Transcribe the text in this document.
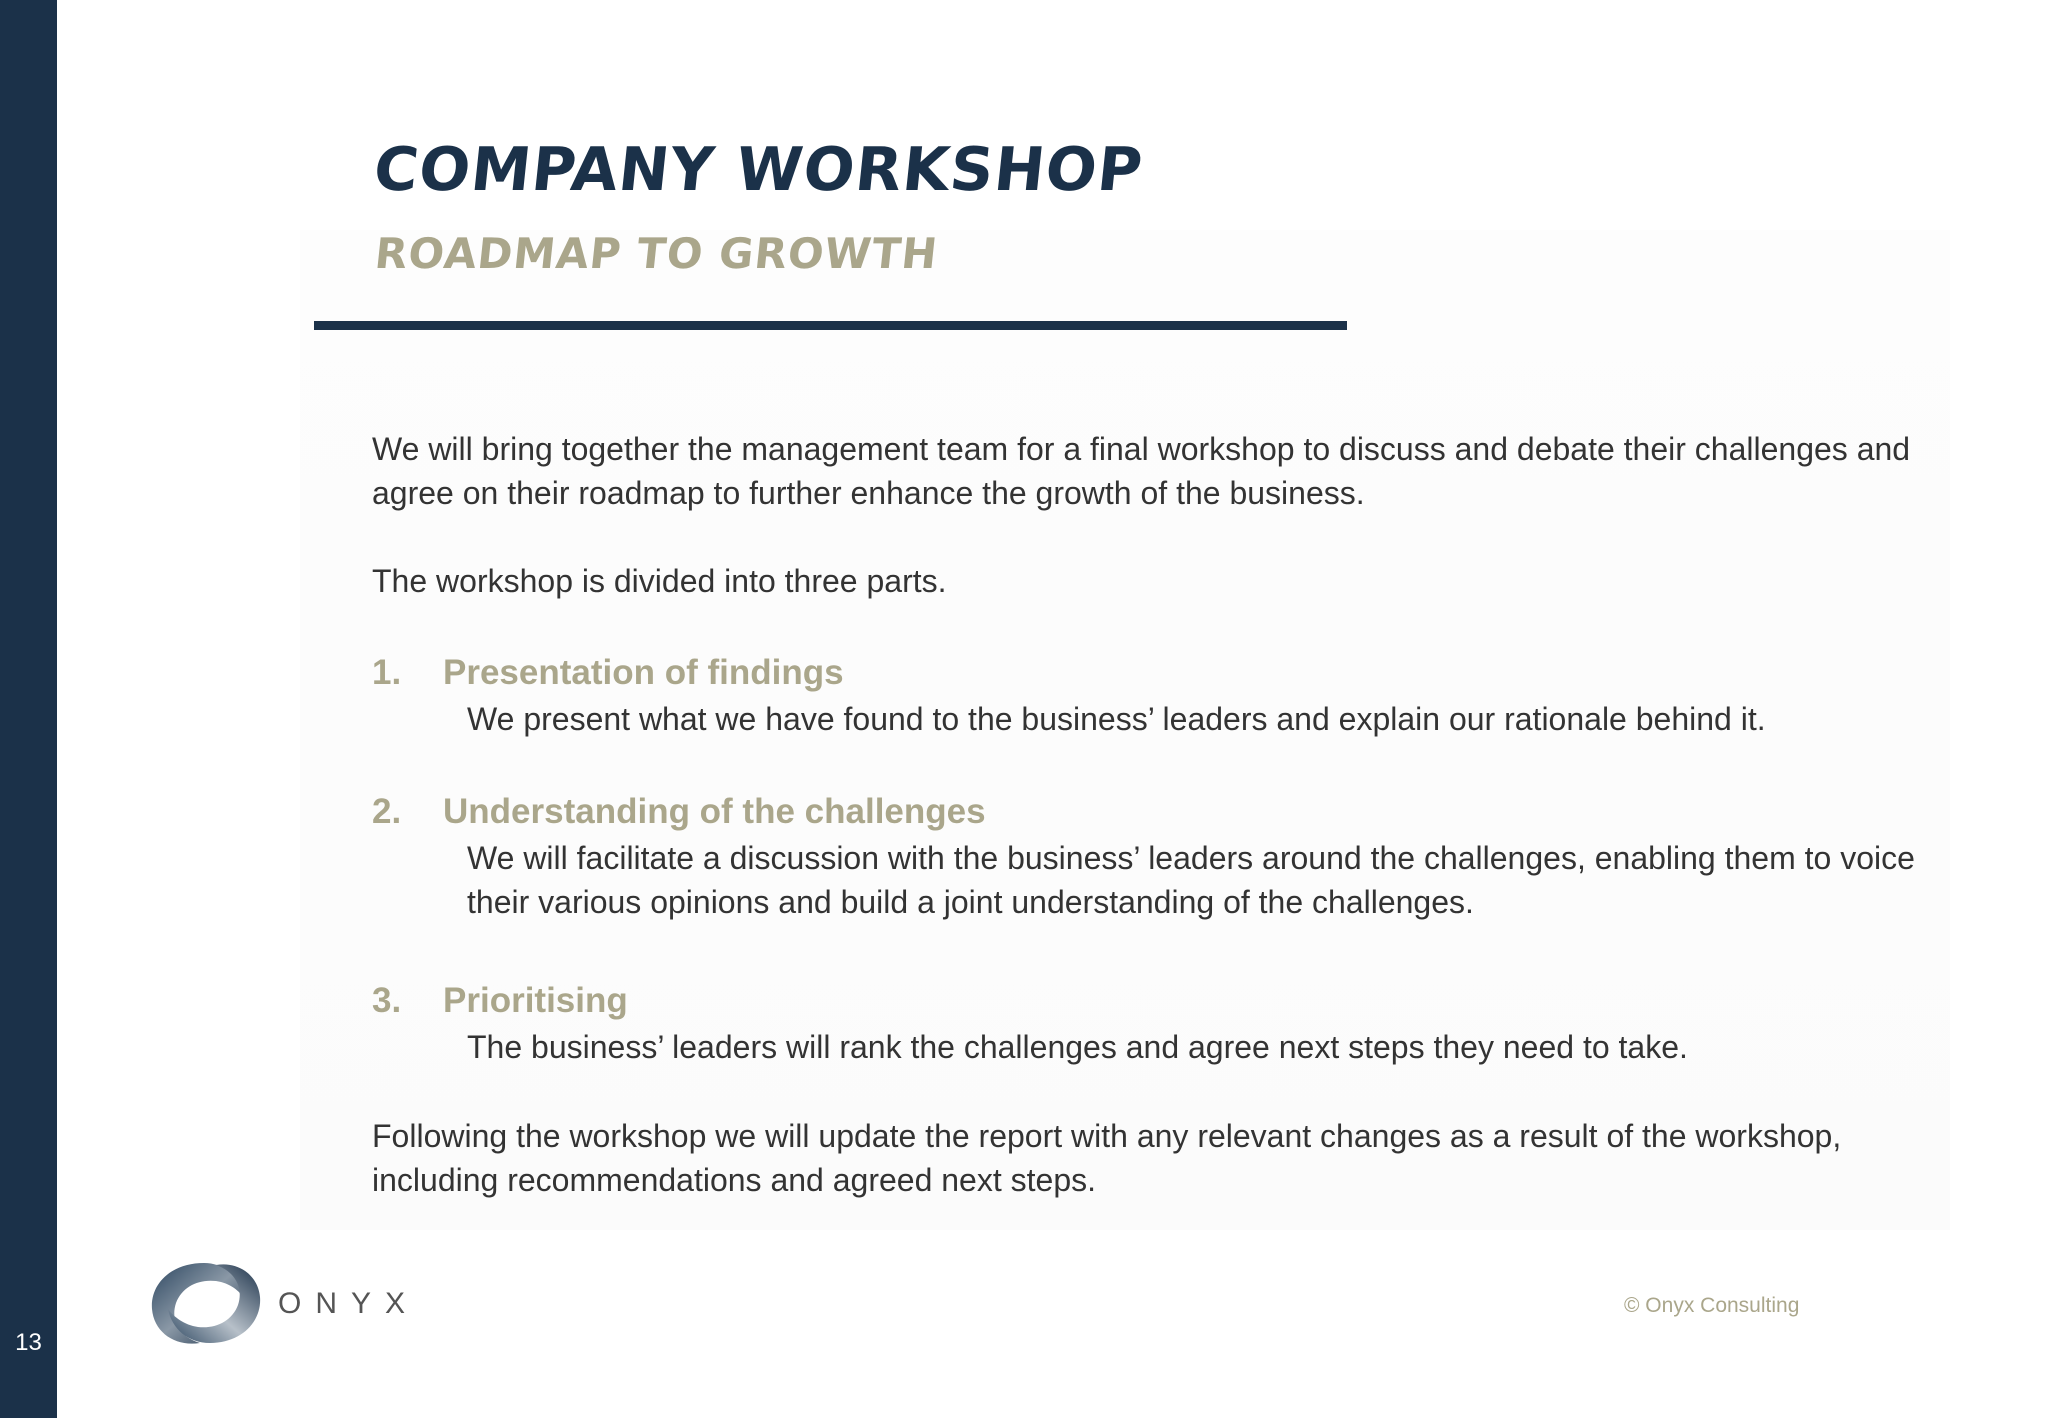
13
COMPANY WORKSHOP
ROADMAP TO GROWTH

We will bring together the management team for a final workshop to discuss and debate their challenges and agree on their roadmap to further enhance the growth of the business.

The workshop is divided into three parts.

1. Presentation of findings

We present what we have found to the business’ leaders and explain our rationale behind it.

2. Understanding of the challenges

We will facilitate a discussion with the business’ leaders around the challenges, enabling them to voice their various opinions and build a joint understanding of the challenges.

3. Prioritising

The business’ leaders will rank the challenges and agree next steps they need to take.

Following the workshop we will update the report with any relevant changes as a result of the workshop, including recommendations and agreed next steps.

ONYX	© Onyx Consulting
